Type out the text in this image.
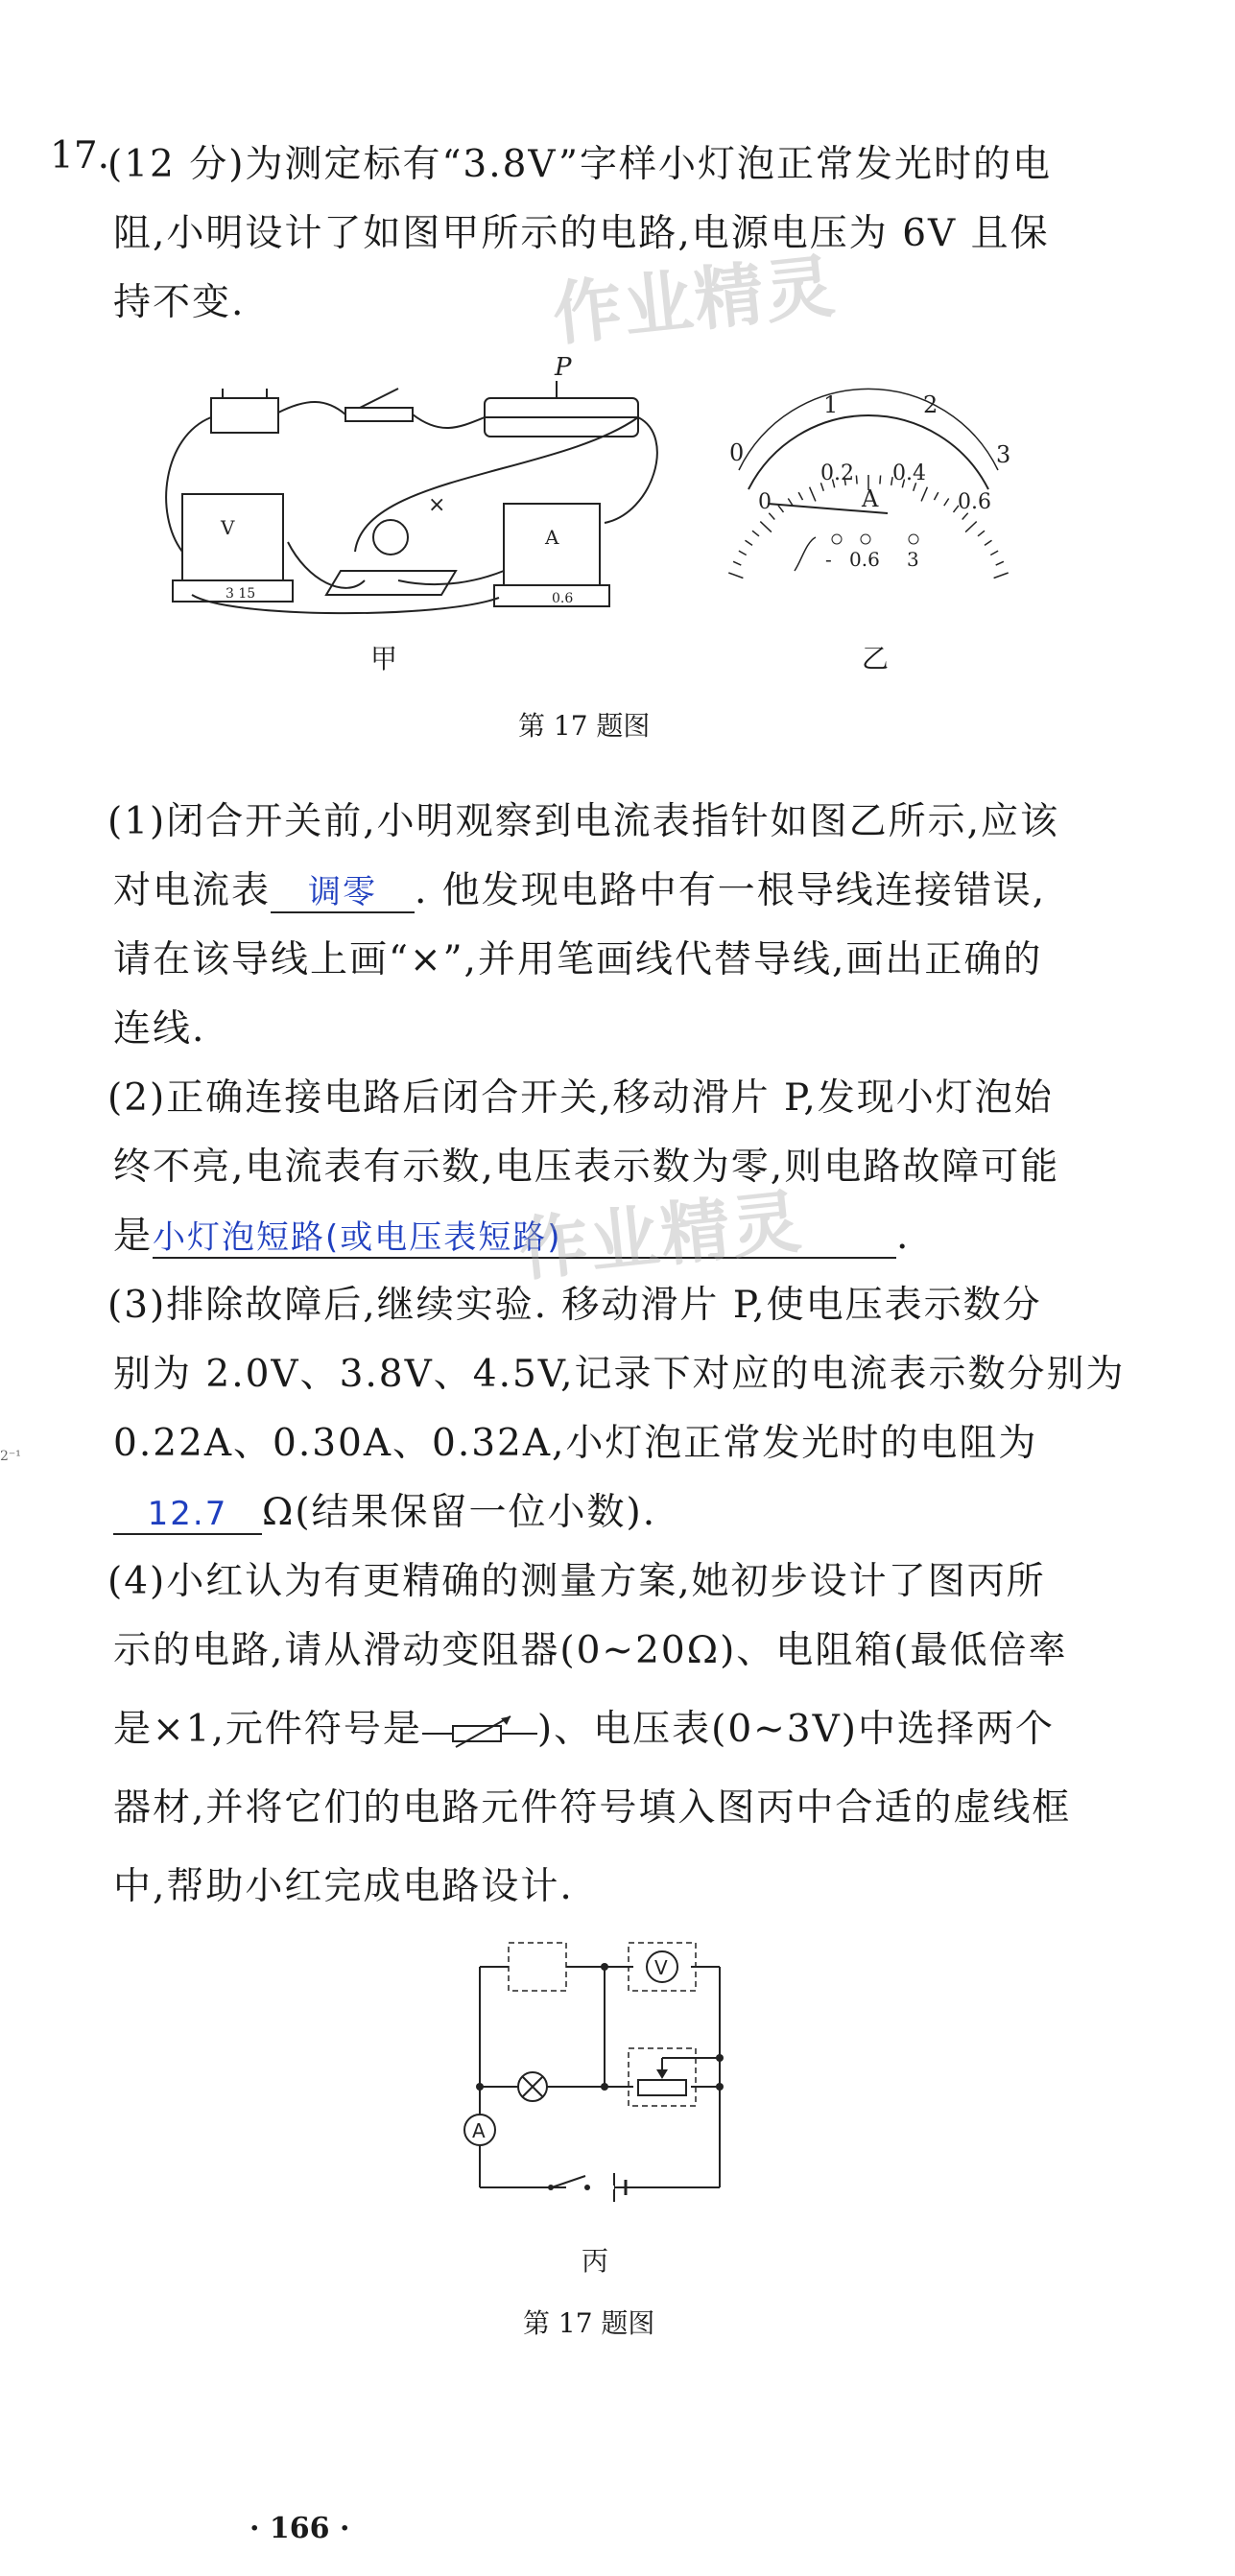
17.
(12 分)为测定标有“3.8V”字样小灯泡正常发光时的电
阻,小明设计了如图甲所示的电路,电源电压为 6V 且保
持不变.	作业精灵
×
P
V	A
3 15	0.6
0
1	2
3
0
0.2 0.4
0.6
A
- 0.6 3
甲	乙
第 17 题图
(1)闭合开关前,小明观察到电流表指针如图乙所示,应该
对电流表 调零 . 他发现电路中有一根导线连接错误,
请在该导线上画“×”,并用笔画线代替导线,画出正确的
连线.
(2)正确连接电路后闭合开关,移动滑片 P,发现小灯泡始
终不亮,电流表有示数,电压表示数为零,则电路故障可能
是小灯泡短路(或电压表短路)	.
作业精灵
(3)排除故障后,继续实验. 移动滑片 P,使电压表示数分
别为 2.0V、3.8V、4.5V,记录下对应的电流表示数分别为
0.22A、0.30A、0.32A,小灯泡正常发光时的电阻为
12.7 Ω(结果保留一位小数).
2⁻¹
(4)小红认为有更精确的测量方案,她初步设计了图丙所
示的电路,请从滑动变阻器(0~20Ω)、电阻箱(最低倍率
是×1,元件符号是	)、电压表(0~3V)中选择两个
器材,并将它们的电路元件符号填入图丙中合适的虚线框
中,帮助小红完成电路设计.
V
A
丙
第 17 题图
· 166 ·
